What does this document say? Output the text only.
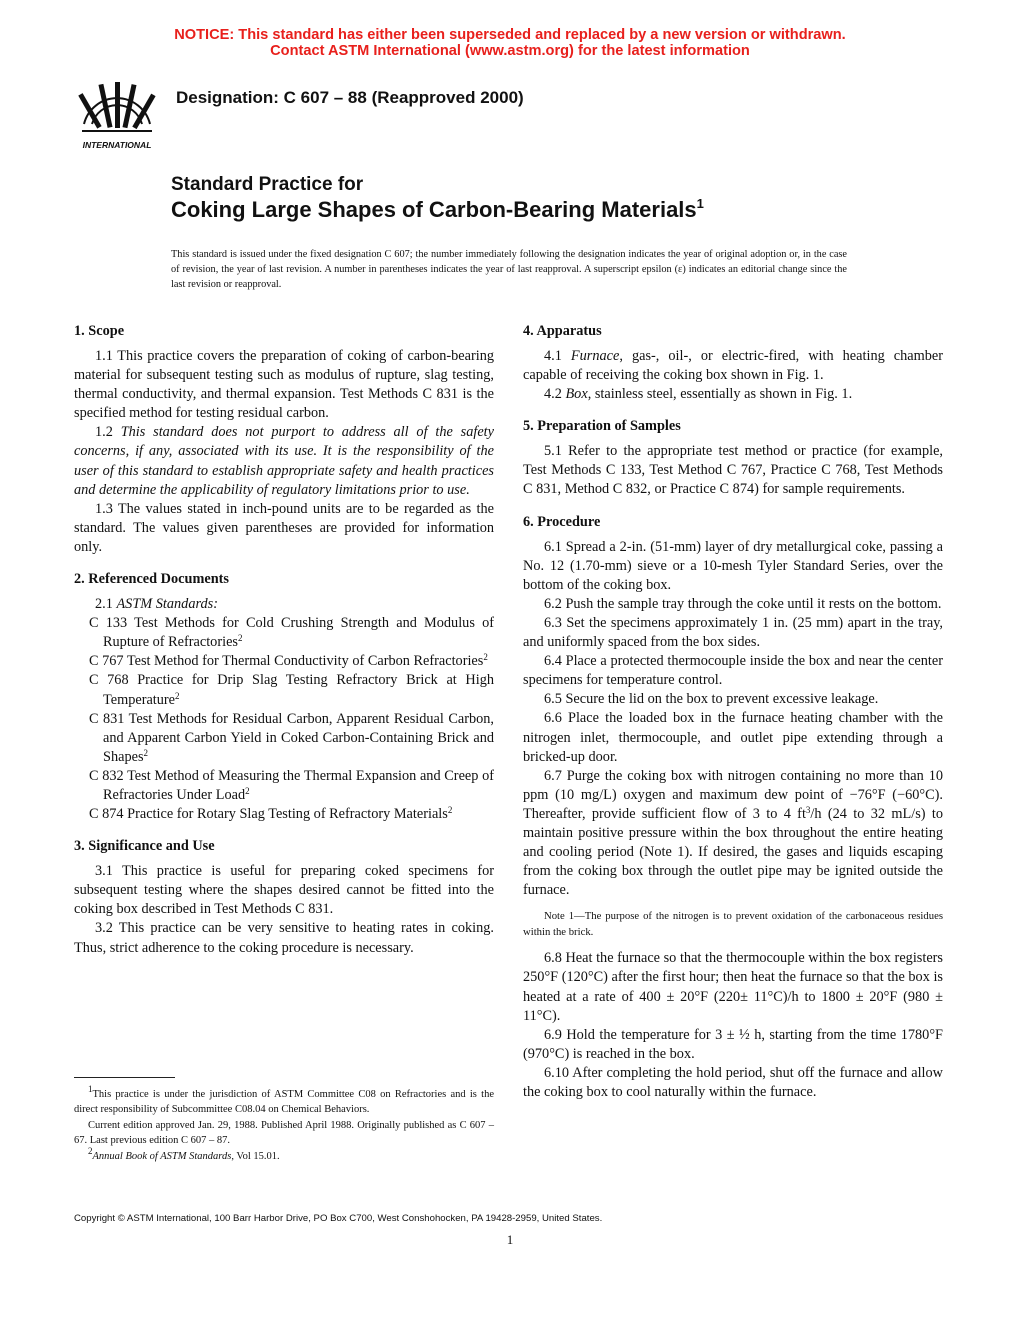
NOTICE: This standard has either been superseded and replaced by a new version or withdrawn.
Contact ASTM International (www.astm.org) for the latest information
INTERNATIONAL
Designation: C 607 – 88 (Reapproved 2000)
Standard Practice for
Coking Large Shapes of Carbon-Bearing Materials$^1$
This standard is issued under the fixed designation C 607; the number immediately following the designation indicates the year of original adoption or, in the case of revision, the year of last revision. A number in parentheses indicates the year of last reapproval. A superscript epsilon (ε) indicates an editorial change since the last revision or reapproval.
1. Scope

1.1 This practice covers the preparation of coking of carbon-bearing material for subsequent testing such as modulus of rupture, slag testing, thermal conductivity, and thermal expansion. Test Methods C 831 is the specified method for testing residual carbon.

1.2 This standard does not purport to address all of the safety concerns, if any, associated with its use. It is the responsibility of the user of this standard to establish appropriate safety and health practices and determine the applicability of regulatory limitations prior to use.

1.3 The values stated in inch-pound units are to be regarded as the standard. The values given parentheses are provided for information only.

2. Referenced Documents

2.1 ASTM Standards:

C 133 Test Methods for Cold Crushing Strength and Modulus of Rupture of Refractories$^2$

C 767 Test Method for Thermal Conductivity of Carbon Refractories$^2$

C 768 Practice for Drip Slag Testing Refractory Brick at High Temperature$^2$

C 831 Test Methods for Residual Carbon, Apparent Residual Carbon, and Apparent Carbon Yield in Coked Carbon-Containing Brick and Shapes$^2$

C 832 Test Method of Measuring the Thermal Expansion and Creep of Refractories Under Load$^2$

C 874 Practice for Rotary Slag Testing of Refractory Materials$^2$

3. Significance and Use

3.1 This practice is useful for preparing coked specimens for subsequent testing where the shapes desired cannot be fitted into the coking box described in Test Methods C 831.

3.2 This practice can be very sensitive to heating rates in coking. Thus, strict adherence to the coking procedure is necessary.

4. Apparatus

4.1 Furnace, gas-, oil-, or electric-fired, with heating chamber capable of receiving the coking box shown in Fig. 1.

4.2 Box, stainless steel, essentially as shown in Fig. 1.

5. Preparation of Samples

5.1 Refer to the appropriate test method or practice (for example, Test Methods C 133, Test Method C 767, Practice C 768, Test Methods C 831, Method C 832, or Practice C 874) for sample requirements.

6. Procedure

6.1 Spread a 2-in. (51-mm) layer of dry metallurgical coke, passing a No. 12 (1.70-mm) sieve or a 10-mesh Tyler Standard Series, over the bottom of the coking box.

6.2 Push the sample tray through the coke until it rests on the bottom.

6.3 Set the specimens approximately 1 in. (25 mm) apart in the tray, and uniformly spaced from the box sides.

6.4 Place a protected thermocouple inside the box and near the center specimens for temperature control.

6.5 Secure the lid on the box to prevent excessive leakage.

6.6 Place the loaded box in the furnace heating chamber with the nitrogen inlet, thermocouple, and outlet pipe extending through a bricked-up door.

6.7 Purge the coking box with nitrogen containing no more than 10 ppm (10 mg/L) oxygen and maximum dew point of −76°F (−60°C). Thereafter, provide sufficient flow of 3 to 4 $ft^3/h$ (24 to 32 mL/s) to maintain positive pressure within the box throughout the entire heating and cooling period (Note 1). If desired, the gases and liquids escaping from the coking box through the outlet pipe may be ignited outside the furnace.

Note 1—The purpose of the nitrogen is to prevent oxidation of the carbonaceous residues within the brick.

6.8 Heat the furnace so that the thermocouple within the box registers 250°F (120°C) after the first hour; then heat the furnace so that the box is heated at a rate of 400 ± 20°F (220± 11°C)/h to 1800 ± 20°F (980 ± 11°C).

6.9 Hold the temperature for 3 ± ½ h, starting from the time 1780°F (970°C) is reached in the box.

6.10 After completing the hold period, shut off the furnace and allow the coking box to cool naturally within the furnace.

$^1$This practice is under the jurisdiction of ASTM Committee C08 on Refractories and is the direct responsibility of Subcommittee C08.04 on Chemical Behaviors.

Current edition approved Jan. 29, 1988. Published April 1988. Originally published as C 607 – 67. Last previous edition C 607 – 87.

$^2$Annual Book of ASTM Standards, Vol 15.01.

Copyright © ASTM International, 100 Barr Harbor Drive, PO Box C700, West Conshohocken, PA 19428-2959, United States.
1
